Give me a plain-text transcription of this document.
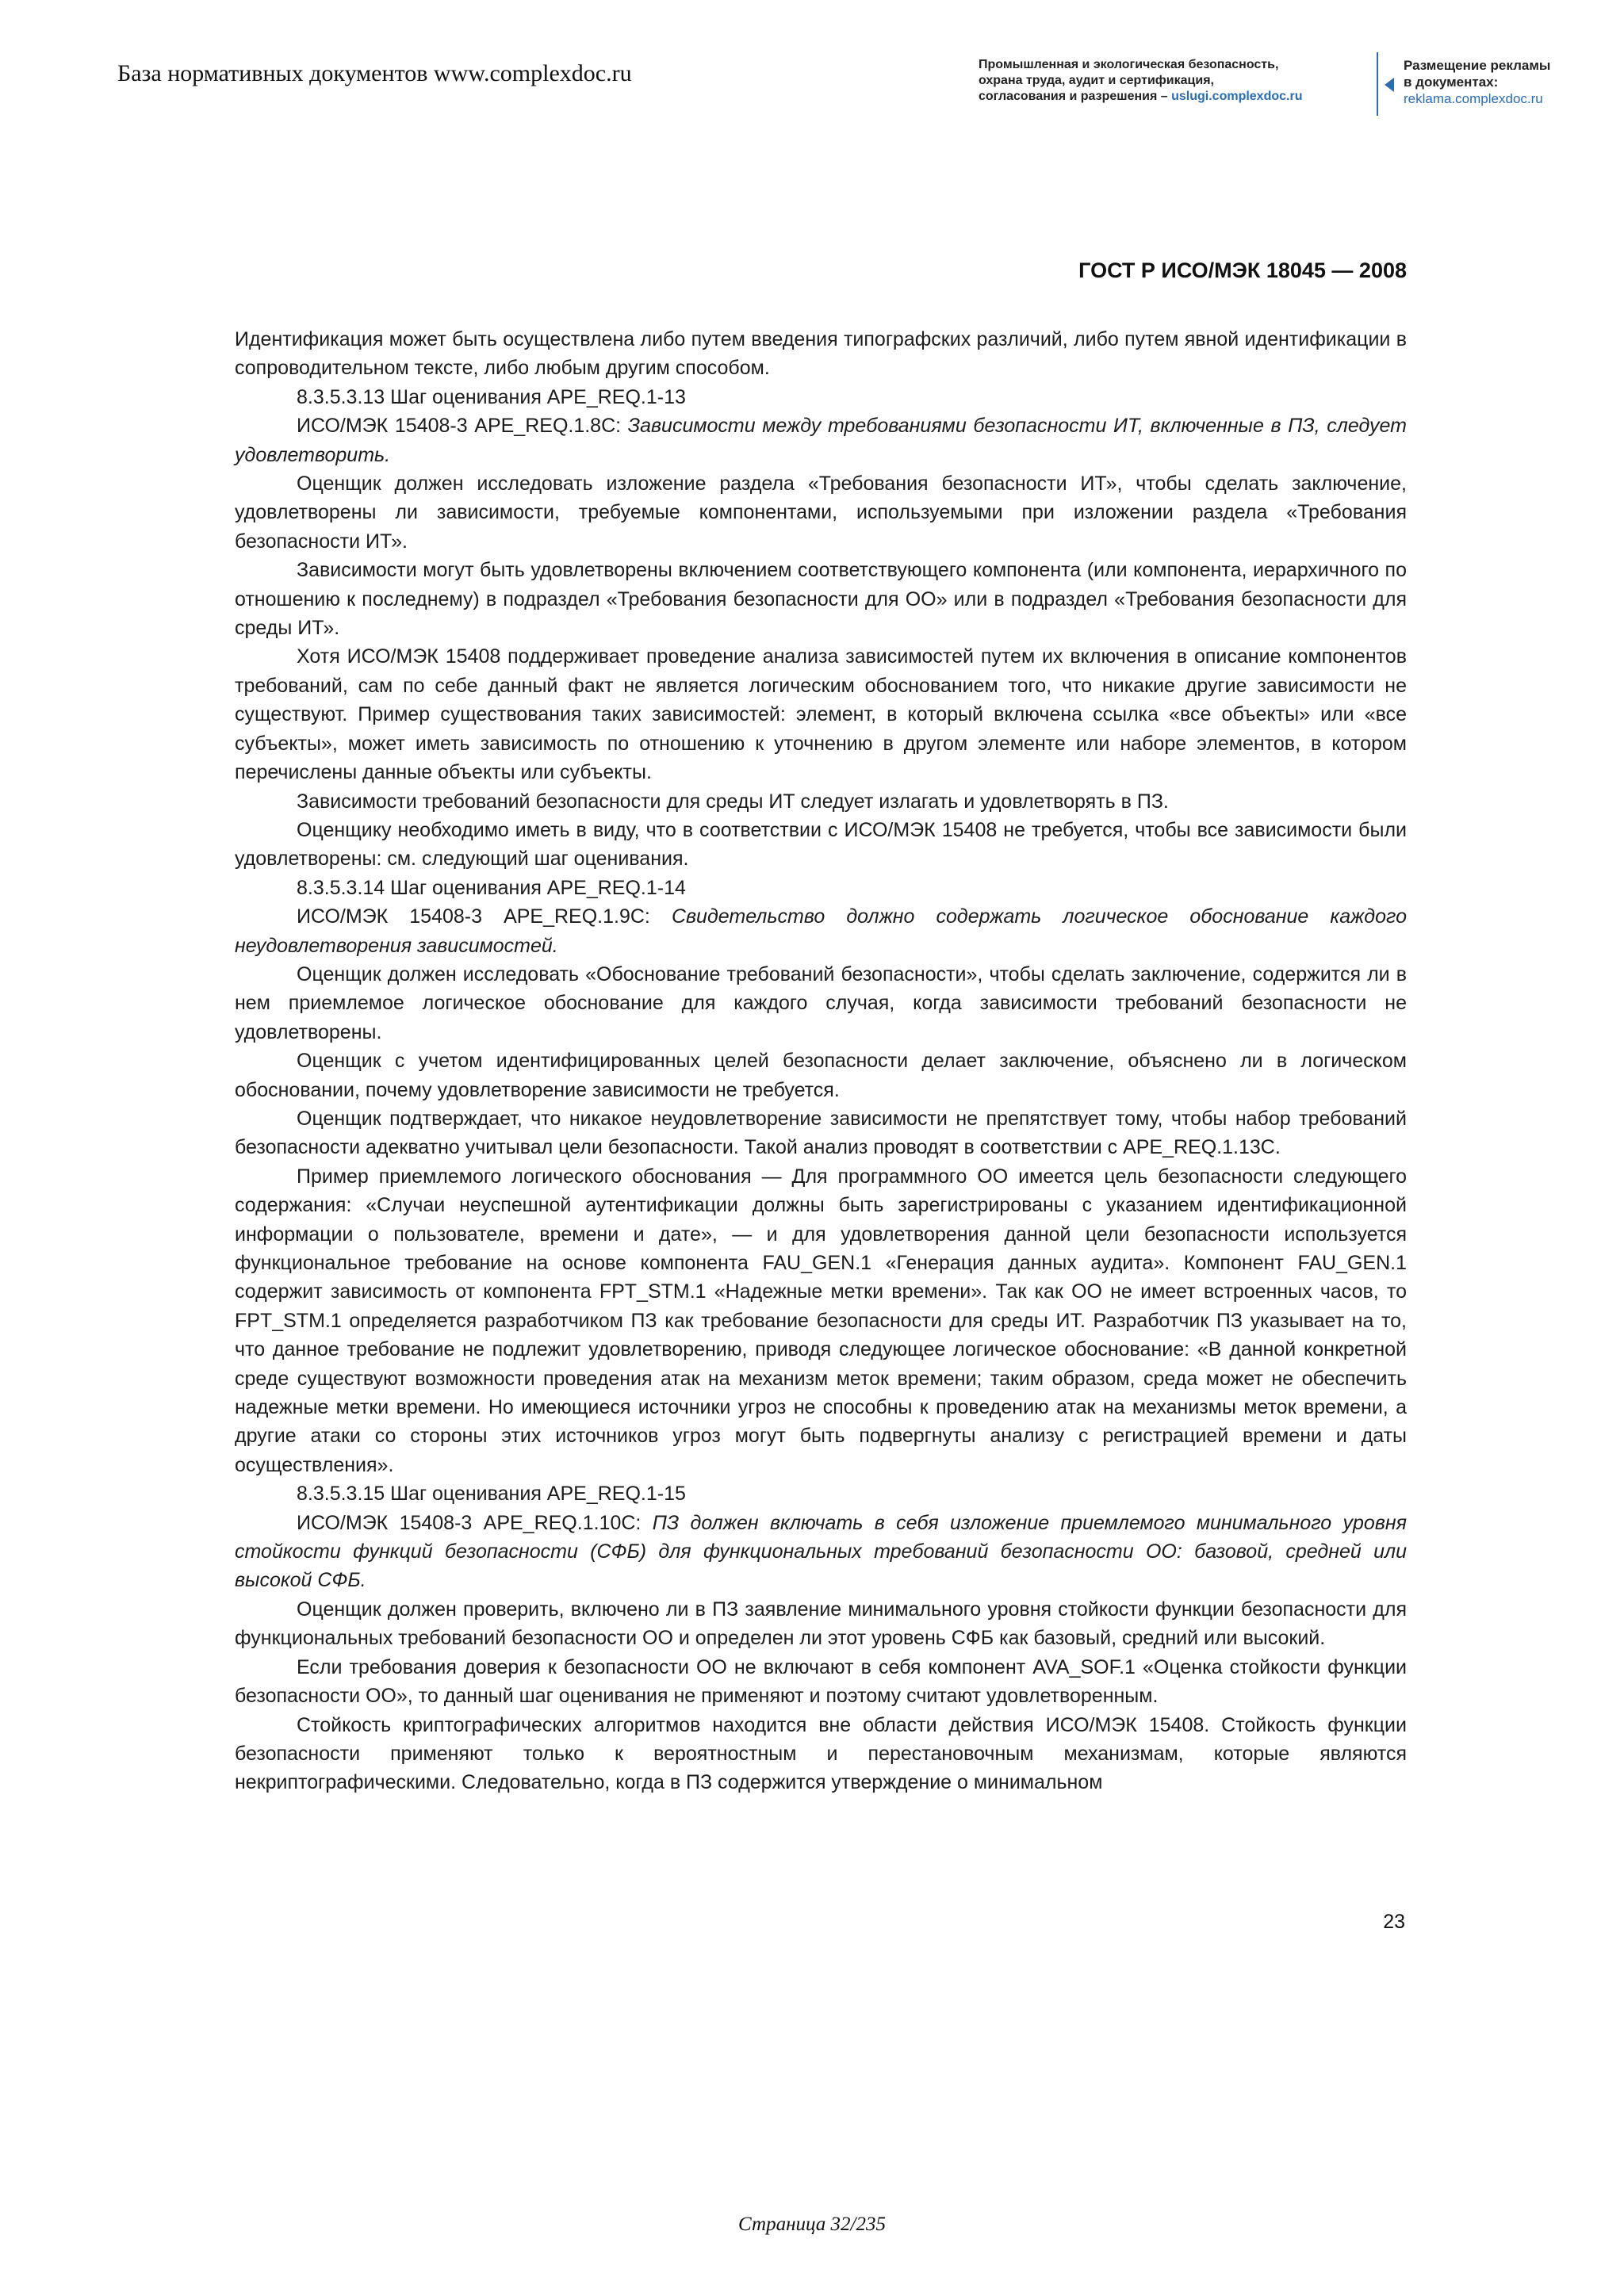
База нормативных документов www.complexdoc.ru	Промышленная и экологическая безопасность,
охрана труда, аудит и сертификация,
согласования и разрешения – uslugi.complexdoc.ru
Размещение рекламы
в документах:
reklama.complexdoc.ru
ГОСТ Р ИСО/МЭК 18045 — 2008

Идентификация может быть осуществлена либо путем введения типографских различий, либо путем явной идентификации в сопроводительном тексте, либо любым другим способом.

8.3.5.3.13 Шаг оценивания APE_REQ.1-13

ИСО/МЭК 15408-3 APE_REQ.1.8C: Зависимости между требованиями безопасности ИТ, включенные в ПЗ, следует удовлетворить.

Оценщик должен исследовать изложение раздела «Требования безопасности ИТ», чтобы сделать заключение, удовлетворены ли зависимости, требуемые компонентами, используемыми при изложении раздела «Требования безопасности ИТ».

Зависимости могут быть удовлетворены включением соответствующего компонента (или компонента, иерархичного по отношению к последнему) в подраздел «Требования безопасности для ОО» или в подраздел «Требования безопасности для среды ИТ».

Хотя ИСО/МЭК 15408 поддерживает проведение анализа зависимостей путем их включения в описание компонентов требований, сам по себе данный факт не является логическим обоснованием того, что никакие другие зависимости не существуют. Пример существования таких зависимостей: элемент, в который включена ссылка «все объекты» или «все субъекты», может иметь зависимость по отношению к уточнению в другом элементе или наборе элементов, в котором перечислены данные объекты или субъекты.

Зависимости требований безопасности для среды ИТ следует излагать и удовлетворять в ПЗ.

Оценщику необходимо иметь в виду, что в соответствии с ИСО/МЭК 15408 не требуется, чтобы все зависимости были удовлетворены: см. следующий шаг оценивания.

8.3.5.3.14 Шаг оценивания APE_REQ.1-14

ИСО/МЭК 15408-3 APE_REQ.1.9C: Свидетельство должно содержать логическое обоснование каждого неудовлетворения зависимостей.

Оценщик должен исследовать «Обоснование требований безопасности», чтобы сделать заключение, содержится ли в нем приемлемое логическое обоснование для каждого случая, когда зависимости требований безопасности не удовлетворены.

Оценщик с учетом идентифицированных целей безопасности делает заключение, объяснено ли в логическом обосновании, почему удовлетворение зависимости не требуется.

Оценщик подтверждает, что никакое неудовлетворение зависимости не препятствует тому, чтобы набор требований безопасности адекватно учитывал цели безопасности. Такой анализ проводят в соответствии с APE_REQ.1.13C.

Пример приемлемого логического обоснования — Для программного ОО имеется цель безопасности следующего содержания: «Случаи неуспешной аутентификации должны быть зарегистрированы с указанием идентификационной информации о пользователе, времени и дате», — и для удовлетворения данной цели безопасности используется функциональное требование на основе компонента FAU_GEN.1 «Генерация данных аудита». Компонент FAU_GEN.1 содержит зависимость от компонента FPT_STM.1 «Надежные метки времени». Так как ОО не имеет встроенных часов, то FPT_STM.1 определяется разработчиком ПЗ как требование безопасности для среды ИТ. Разработчик ПЗ указывает на то, что данное требование не подлежит удовлетворению, приводя следующее логическое обоснование: «В данной конкретной среде существуют возможности проведения атак на механизм меток времени; таким образом, среда может не обеспечить надежные метки времени. Но имеющиеся источники угроз не способны к проведению атак на механизмы меток времени, а другие атаки со стороны этих источников угроз могут быть подвергнуты анализу с регистрацией времени и даты осуществления».

8.3.5.3.15 Шаг оценивания APE_REQ.1-15

ИСО/МЭК 15408-3 APE_REQ.1.10C: ПЗ должен включать в себя изложение приемлемого минимального уровня стойкости функций безопасности (СФБ) для функциональных требований безопасности ОО: базовой, средней или высокой СФБ.

Оценщик должен проверить, включено ли в ПЗ заявление минимального уровня стойкости функции безопасности для функциональных требований безопасности ОО и определен ли этот уровень СФБ как базовый, средний или высокий.

Если требования доверия к безопасности ОО не включают в себя компонент AVA_SOF.1 «Оценка стойкости функции безопасности ОО», то данный шаг оценивания не применяют и поэтому считают удовлетворенным.

Стойкость криптографических алгоритмов находится вне области действия ИСО/МЭК 15408. Стойкость функции безопасности применяют только к вероятностным и перестановочным механизмам, которые являются некриптографическими. Следовательно, когда в ПЗ содержится утверждение о минимальном

23
Страница 32/235
